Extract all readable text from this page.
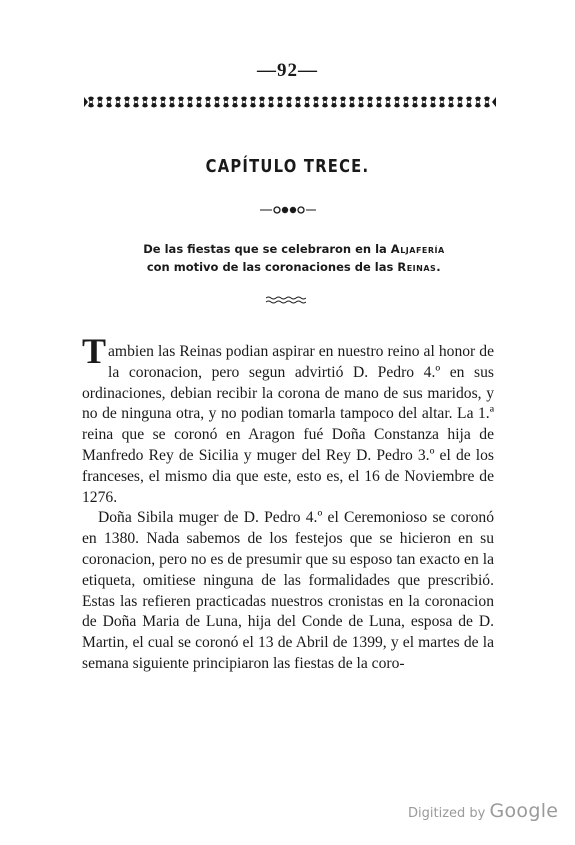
—92—
CAPÍTULO TRECE.
De las fiestas que se celebraron en la Aljafería
con motivo de las coronaciones de las Reinas.

Tambien las Reinas podian aspirar en nuestro reino al honor de la coronacion, pero segun advirtió D. Pedro 4.º en sus ordinaciones, debian recibir la corona de mano de sus maridos, y no de ninguna otra, y no podian tomarla tampoco del altar. La 1.ª reina que se coronó en Aragon fué Doña Constanza hija de Manfredo Rey de Sicilia y muger del Rey D. Pedro 3.º el de los franceses, el mismo dia que este, esto es, el 16 de Noviembre de 1276.

Doña Sibila muger de D. Pedro 4.º el Ceremonioso se coronó en 1380. Nada sabemos de los festejos que se hicieron en su coronacion, pero no es de presumir que su esposo tan exacto en la etiqueta, omitiese ninguna de las formalidades que prescribió. Estas las refieren practicadas nuestros cronistas en la coronacion de Doña Maria de Luna, hija del Conde de Luna, esposa de D. Martin, el cual se coronó el 13 de Abril de 1399, y el martes de la semana siguiente principiaron las fiestas de la coro-

Digitized by Google
